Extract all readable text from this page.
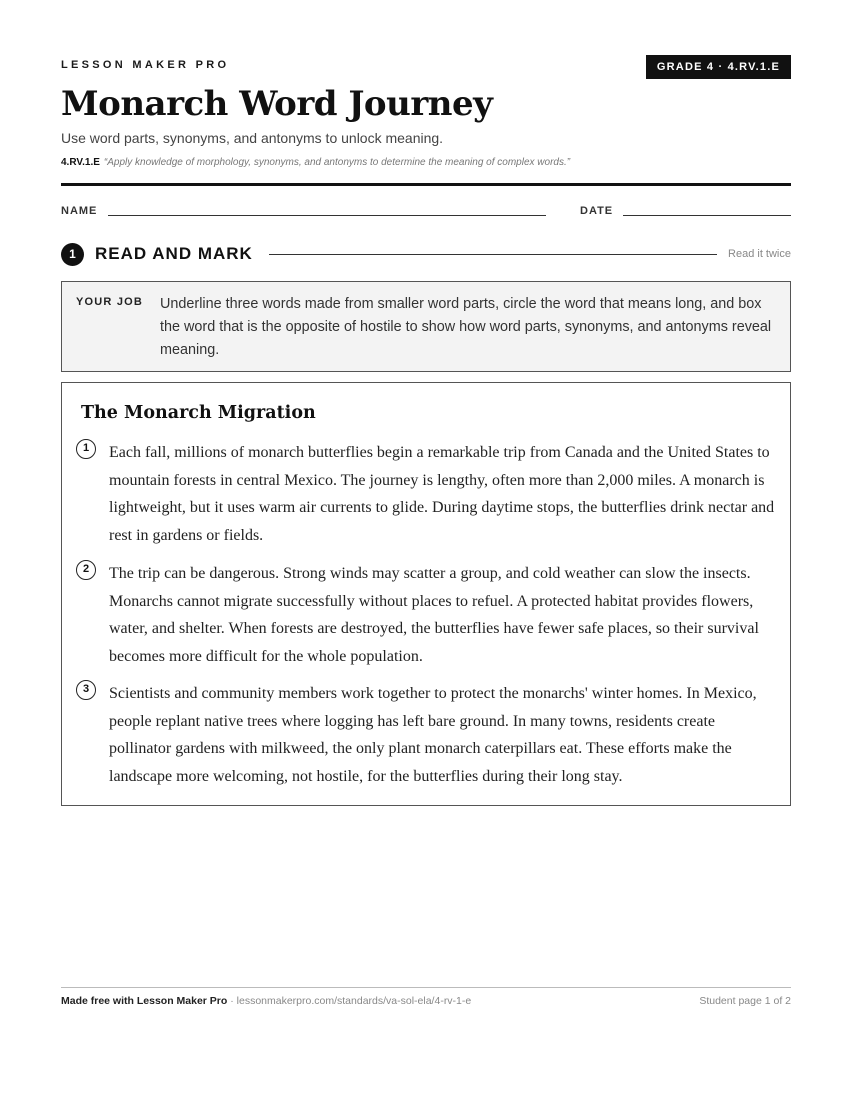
LESSON MAKER PRO	GRADE 4 · 4.RV.1.E
Monarch Word Journey
Use word parts, synonyms, and antonyms to unlock meaning.
4.RV.1.E “Apply knowledge of morphology, synonyms, and antonyms to determine the meaning of complex words.”
NAME	DATE
1	READ AND MARK	Read it twice
YOUR JOB Underline three words made from smaller word parts, circle the word that means long, and box the word that is the opposite of hostile to show how word parts, synonyms, and antonyms reveal meaning.
The Monarch Migration
1	Each fall, millions of monarch butterflies begin a remarkable trip from Canada and the United States to mountain forests in central Mexico. The journey is lengthy, often more than 2,000 miles. A monarch is lightweight, but it uses warm air currents to glide. During daytime stops, the butterflies drink nectar and rest in gardens or fields.
2	The trip can be dangerous. Strong winds may scatter a group, and cold weather can slow the insects. Monarchs cannot migrate successfully without places to refuel. A protected habitat provides flowers, water, and shelter. When forests are destroyed, the butterflies have fewer safe places, so their survival becomes more difficult for the whole population.
3	Scientists and community members work together to protect the monarchs' winter homes. In Mexico, people replant native trees where logging has left bare ground. In many towns, residents create pollinator gardens with milkweed, the only plant monarch caterpillars eat. These efforts make the landscape more welcoming, not hostile, for the butterflies during their long stay.
Made free with Lesson Maker Pro · lessonmakerpro.com/standards/va-sol-ela/4-rv-1-e	Student page 1 of 2
